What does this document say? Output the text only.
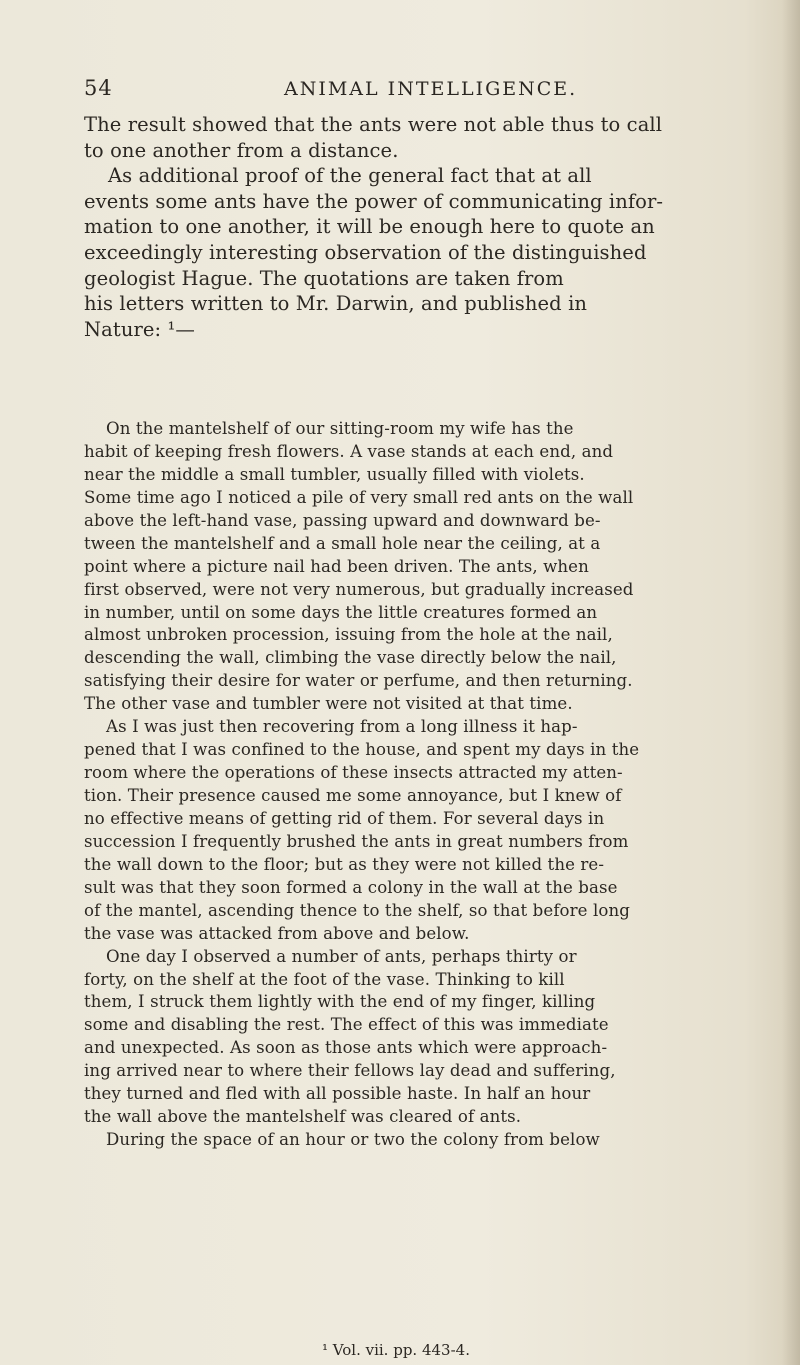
54	ANIMAL INTELLIGENCE.
The result showed that the ants were not able thus to call
to one another from a distance.
As additional proof of the general fact that at all
events some ants have the power of communicating infor-
mation to one another, it will be enough here to quote an
exceedingly interesting observation of the distinguished
geologist Hague. The quotations are taken from
his letters written to Mr. Darwin, and published in
Nature: ¹—
On the mantelshelf of our sitting-room my wife has the
habit of keeping fresh flowers. A vase stands at each end, and
near the middle a small tumbler, usually filled with violets.
Some time ago I noticed a pile of very small red ants on the wall
above the left-hand vase, passing upward and downward be-
tween the mantelshelf and a small hole near the ceiling, at a
point where a picture nail had been driven. The ants, when
first observed, were not very numerous, but gradually increased
in number, until on some days the little creatures formed an
almost unbroken procession, issuing from the hole at the nail,
descending the wall, climbing the vase directly below the nail,
satisfying their desire for water or perfume, and then returning.
The other vase and tumbler were not visited at that time.
As I was just then recovering from a long illness it hap-
pened that I was confined to the house, and spent my days in the
room where the operations of these insects attracted my atten-
tion. Their presence caused me some annoyance, but I knew of
no effective means of getting rid of them. For several days in
succession I frequently brushed the ants in great numbers from
the wall down to the floor; but as they were not killed the re-
sult was that they soon formed a colony in the wall at the base
of the mantel, ascending thence to the shelf, so that before long
the vase was attacked from above and below.
One day I observed a number of ants, perhaps thirty or
forty, on the shelf at the foot of the vase. Thinking to kill
them, I struck them lightly with the end of my finger, killing
some and disabling the rest. The effect of this was immediate
and unexpected. As soon as those ants which were approach-
ing arrived near to where their fellows lay dead and suffering,
they turned and fled with all possible haste. In half an hour
the wall above the mantelshelf was cleared of ants.
During the space of an hour or two the colony from below
¹ Vol. vii. pp. 443-4.
